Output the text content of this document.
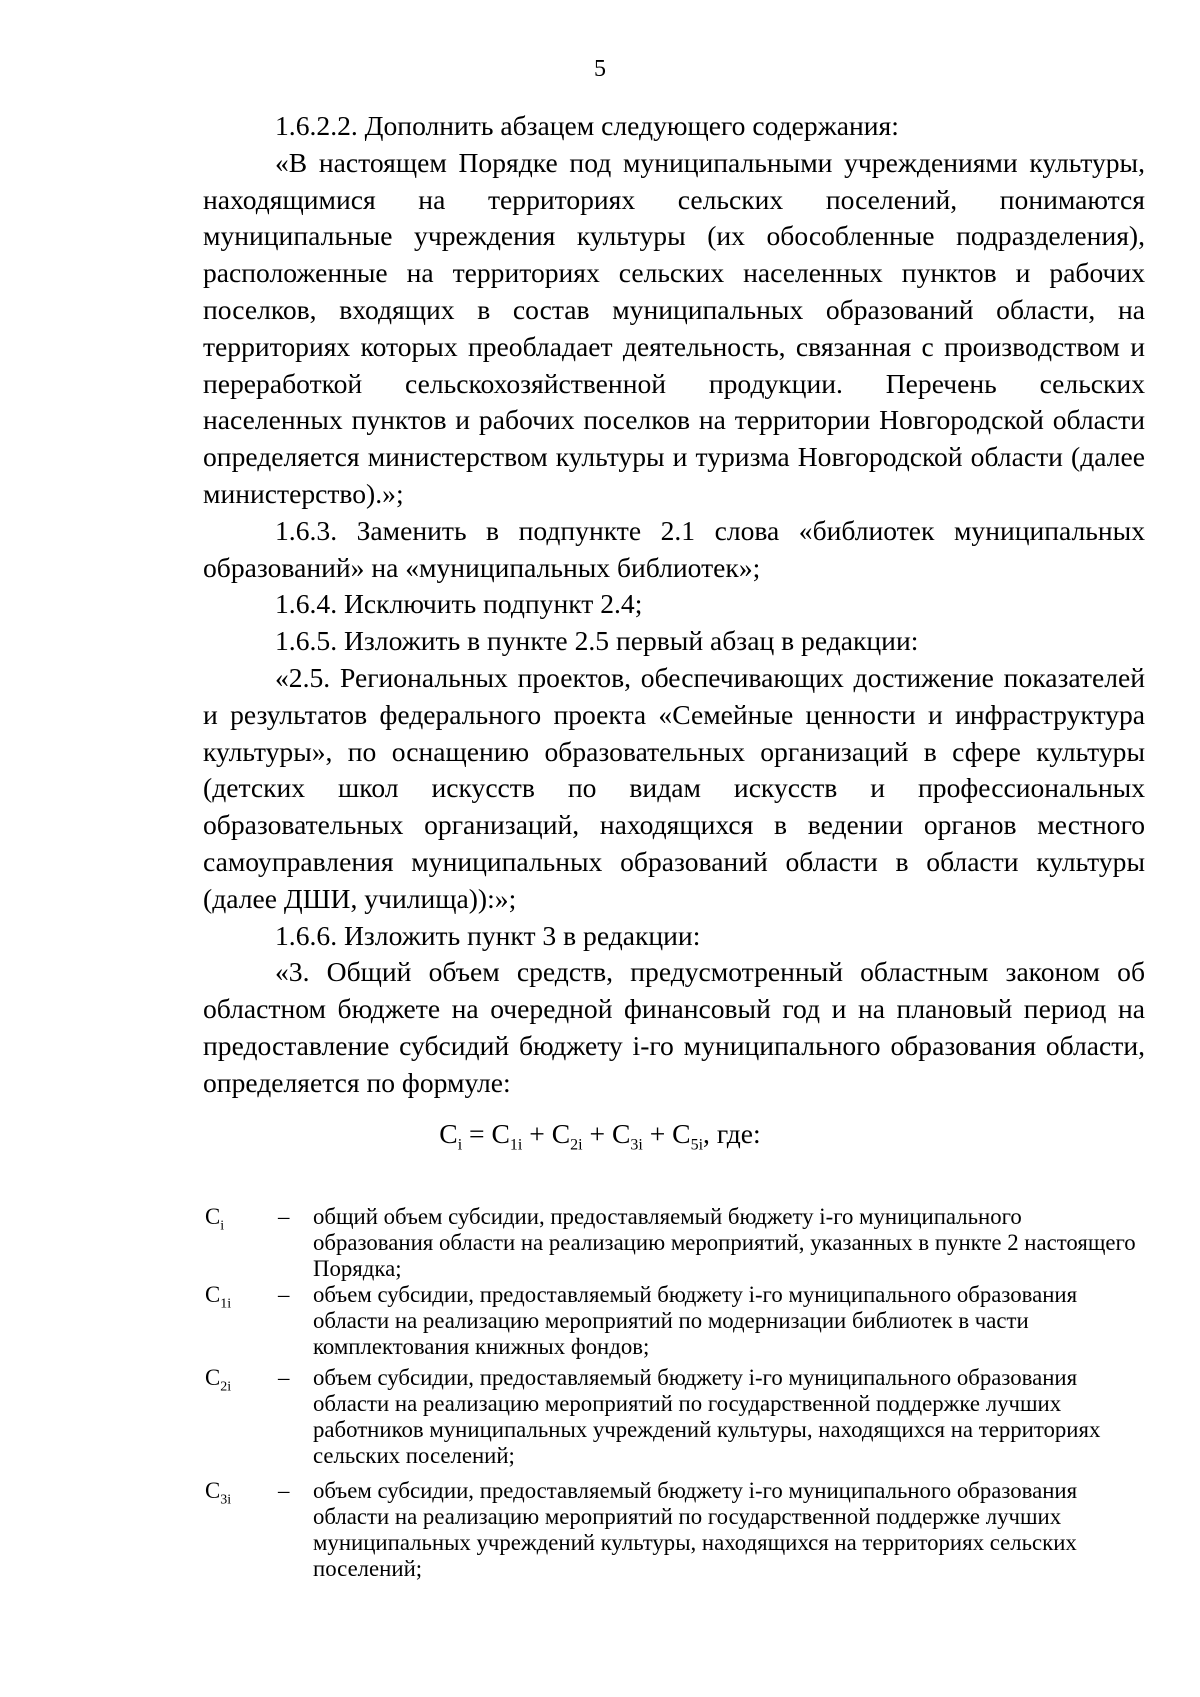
5

1.6.2.2. Дополнить абзацем следующего содержания:

«В настоящем Порядке под муниципальными учреждениями культуры, находящимися на территориях сельских поселений, понимаются муниципальные учреждения культуры (их обособленные подразделения), расположенные на территориях сельских населенных пунктов и рабочих поселков, входящих в состав муниципальных образований области, на территориях которых преобладает деятельность, связанная с производством и переработкой сельскохозяйственной продукции. Перечень сельских населенных пунктов и рабочих поселков на территории Новгородской области определяется министерством культуры и туризма Новгородской области (далее министерство).»;

1.6.3. Заменить в подпункте 2.1 слова «библиотек муниципальных образований» на «муниципальных библиотек»;

1.6.4. Исключить подпункт 2.4;

1.6.5. Изложить в пункте 2.5 первый абзац в редакции:

«2.5. Региональных проектов, обеспечивающих достижение показателей и результатов федерального проекта «Семейные ценности и инфраструктура культуры», по оснащению образовательных организаций в сфере культуры (детских школ искусств по видам искусств и профессиональных образовательных организаций, находящихся в ведении органов местного самоуправления муниципальных образований области в области культуры (далее ДШИ, училища)):»;

1.6.6. Изложить пункт 3 в редакции:

«3. Общий объем средств, предусмотренный областным законом об областном бюджете на очередной финансовый год и на плановый период на предоставление субсидий бюджету i-го муниципального образования области, определяется по формуле:

$C_i = C_{1i} + C_{2i} + C_{3i} + C_{5i}$, где:
$C_i$	–	общий объем субсидии, предоставляемый бюджету i-го муниципального образования области на реализацию мероприятий, указанных в пункте 2 настоящего Порядка;
$C_{1i}$	–	объем субсидии, предоставляемый бюджету i-го муниципального образования области на реализацию мероприятий по модернизации библиотек в части комплектования книжных фондов;
$C_{2i}$	–	объем субсидии, предоставляемый бюджету i-го муниципального образования области на реализацию мероприятий по государственной поддержке лучших работников муниципальных учреждений культуры, находящихся на территориях сельских поселений;
$C_{3i}$	–	объем субсидии, предоставляемый бюджету i-го муниципального образования области на реализацию мероприятий по государственной поддержке лучших муниципальных учреждений культуры, находящихся на территориях сельских поселений;
